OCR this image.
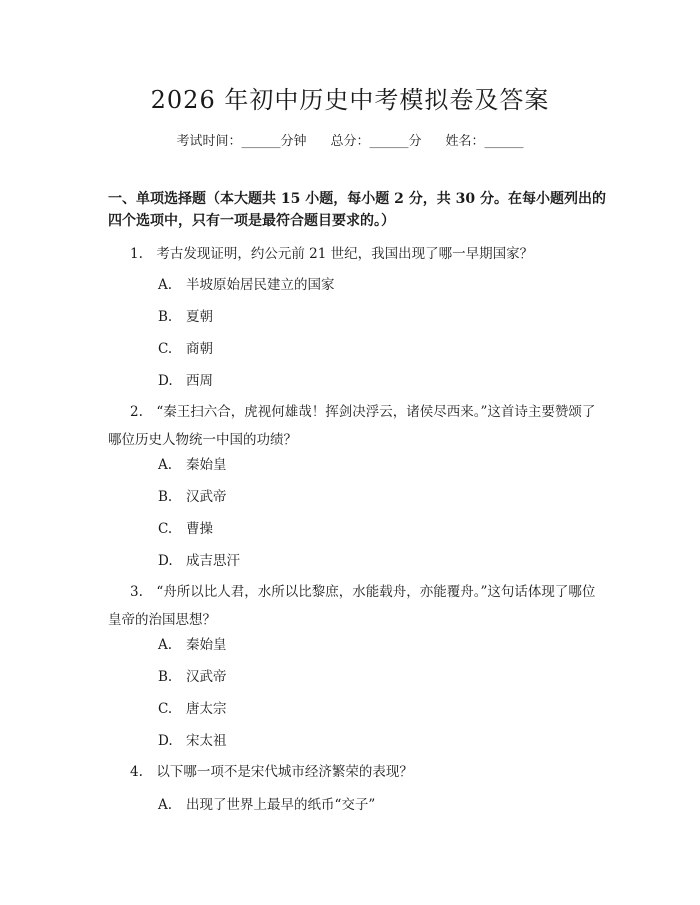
2026 年初中历史中考模拟卷及答案
考试时间：______分钟 总分：______分 姓名：______
一、单项选择题（本大题共 15 小题，每小题 2 分，共 30 分。在每小题列出的四个选项中，只有一项是最符合题目要求的。）
1.　考古发现证明，约公元前 21 世纪，我国出现了哪一早期国家？
A. 半坡原始居民建立的国家
B. 夏朝
C. 商朝
D. 西周
2.　“秦王扫六合，虎视何雄哉！挥剑决浮云，诸侯尽西来。”这首诗主要赞颂了哪位历史人物统一中国的功绩？
A. 秦始皇
B. 汉武帝
C. 曹操
D. 成吉思汗
3.　“舟所以比人君，水所以比黎庶，水能载舟，亦能覆舟。”这句话体现了哪位皇帝的治国思想？
A. 秦始皇
B. 汉武帝
C. 唐太宗
D. 宋太祖
4.　以下哪一项不是宋代城市经济繁荣的表现？
A. 出现了世界上最早的纸币“交子”
